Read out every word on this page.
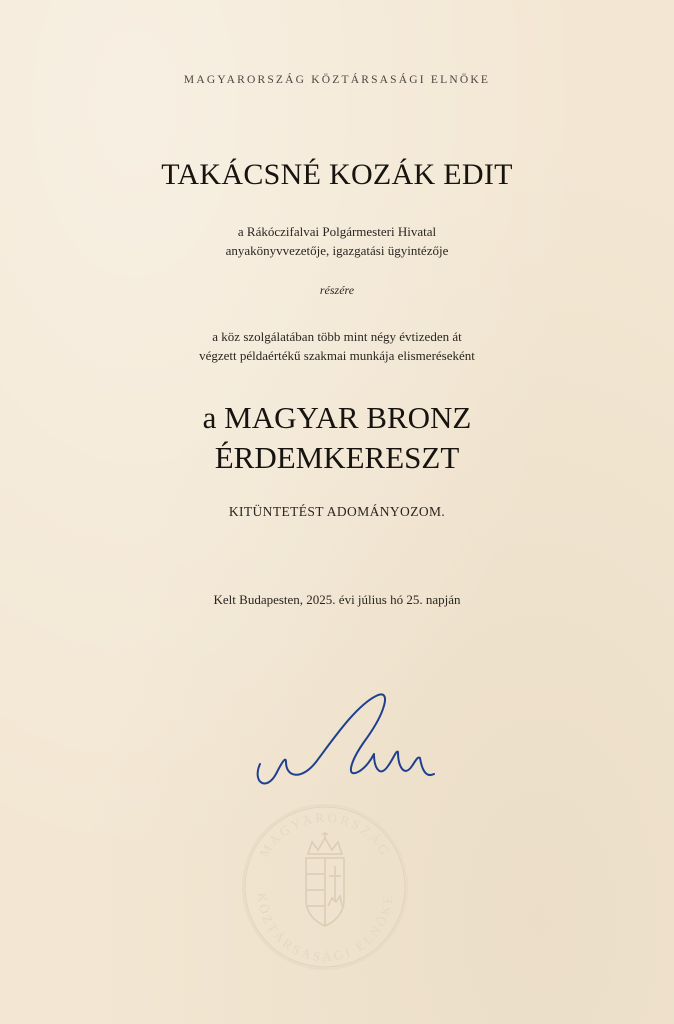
MAGYARORSZÁG KÖZTÁRSASÁGI ELNÖKE
TAKÁCSNÉ KOZÁK EDIT
a Rákóczifalvai Polgármesteri Hivatal
anyakönyvvezetője, igazgatási ügyintézője
részére
a köz szolgálatában több mint négy évtizeden át
végzett példaértékű szakmai munkája elismeréseként
a MAGYAR BRONZ
ÉRDEMKERESZT
KITÜNTETÉST ADOMÁNYOZOM.
Kelt Budapesten, 2025. évi július hó 25. napján
MAGYARORSZÁG
KÖZTÁRSASÁGI ELNÖKE
